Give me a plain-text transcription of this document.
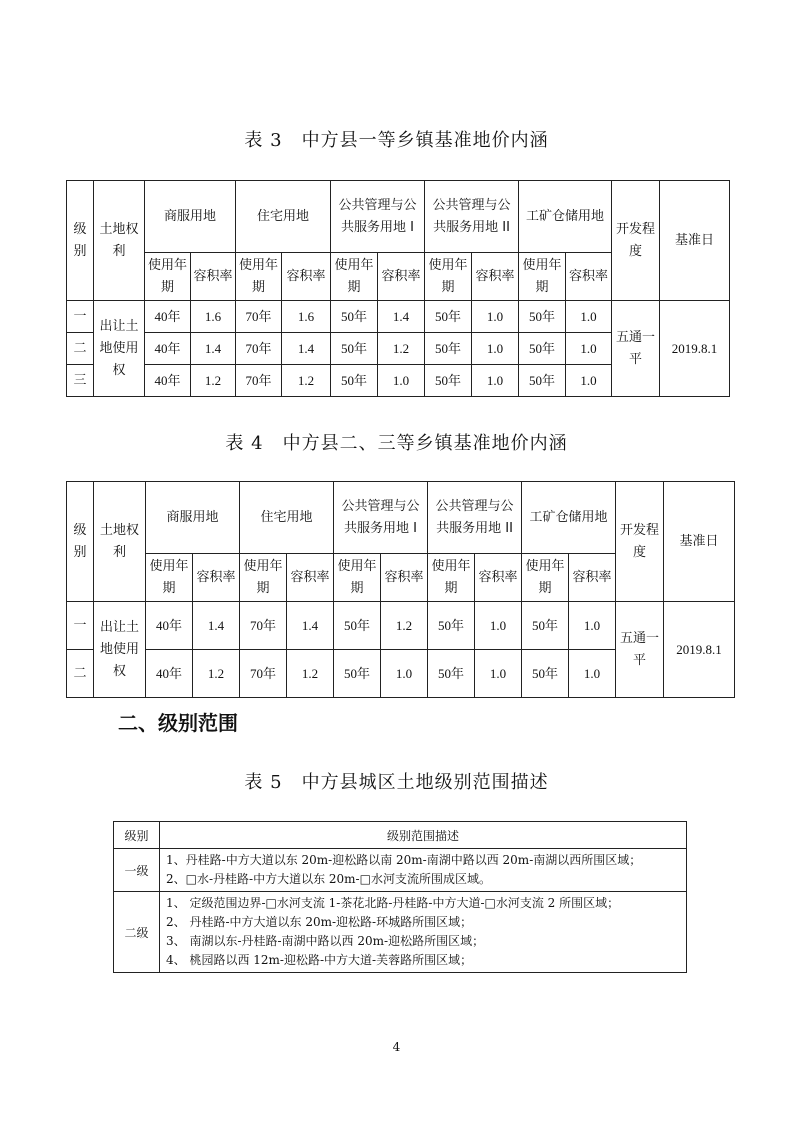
表 3　中方县一等乡镇基准地价内涵
级别	土地权利	商服用地		住宅用地		公共管理与公共服务用地 I		公共管理与公共服务用地 II		工矿仓储用地		开发程度	基准日
		使用年期	容积率	使用年期	容积率	使用年期	容积率	使用年期	容积率	使用年期	容积率		
一	出让土地使用权	40年	1.6	70年	1.6	50年	1.4	50年	1.0	50年	1.0	五通一平	2019.8.1
二		40年	1.4	70年	1.4	50年	1.2	50年	1.0	50年	1.0		
三		40年	1.2	70年	1.2	50年	1.0	50年	1.0	50年	1.0		
表 4　中方县二、三等乡镇基准地价内涵
级别	土地权利	商服用地		住宅用地		公共管理与公共服务用地 I		公共管理与公共服务用地 II		工矿仓储用地		开发程度	基准日
		使用年期	容积率	使用年期	容积率	使用年期	容积率	使用年期	容积率	使用年期	容积率		
一	出让土地使用权	40年	1.4	70年	1.4	50年	1.2	50年	1.0	50年	1.0	五通一平	2019.8.1
二		40年	1.2	70年	1.2	50年	1.0	50年	1.0	50年	1.0		
二、级别范围
表 5　中方县城区土地级别范围描述
级别	级别范围描述
一级	1、丹桂路-中方大道以东 20m-迎松路以南 20m-南湖中路以西 20m-南湖以西所围区域；
2、□水-丹桂路-中方大道以东 20m-□水河支流所围成区域。

二级	1、 定级范围边界-□水河支流 1-茶花北路-丹桂路-中方大道-□水河支流 2 所围区域；
2、 丹桂路-中方大道以东 20m-迎松路-环城路所围区域；
3、 南湖以东-丹桂路-南湖中路以西 20m-迎松路所围区域；
4、 桃园路以西 12m-迎松路-中方大道-芙蓉路所围区域；
4
